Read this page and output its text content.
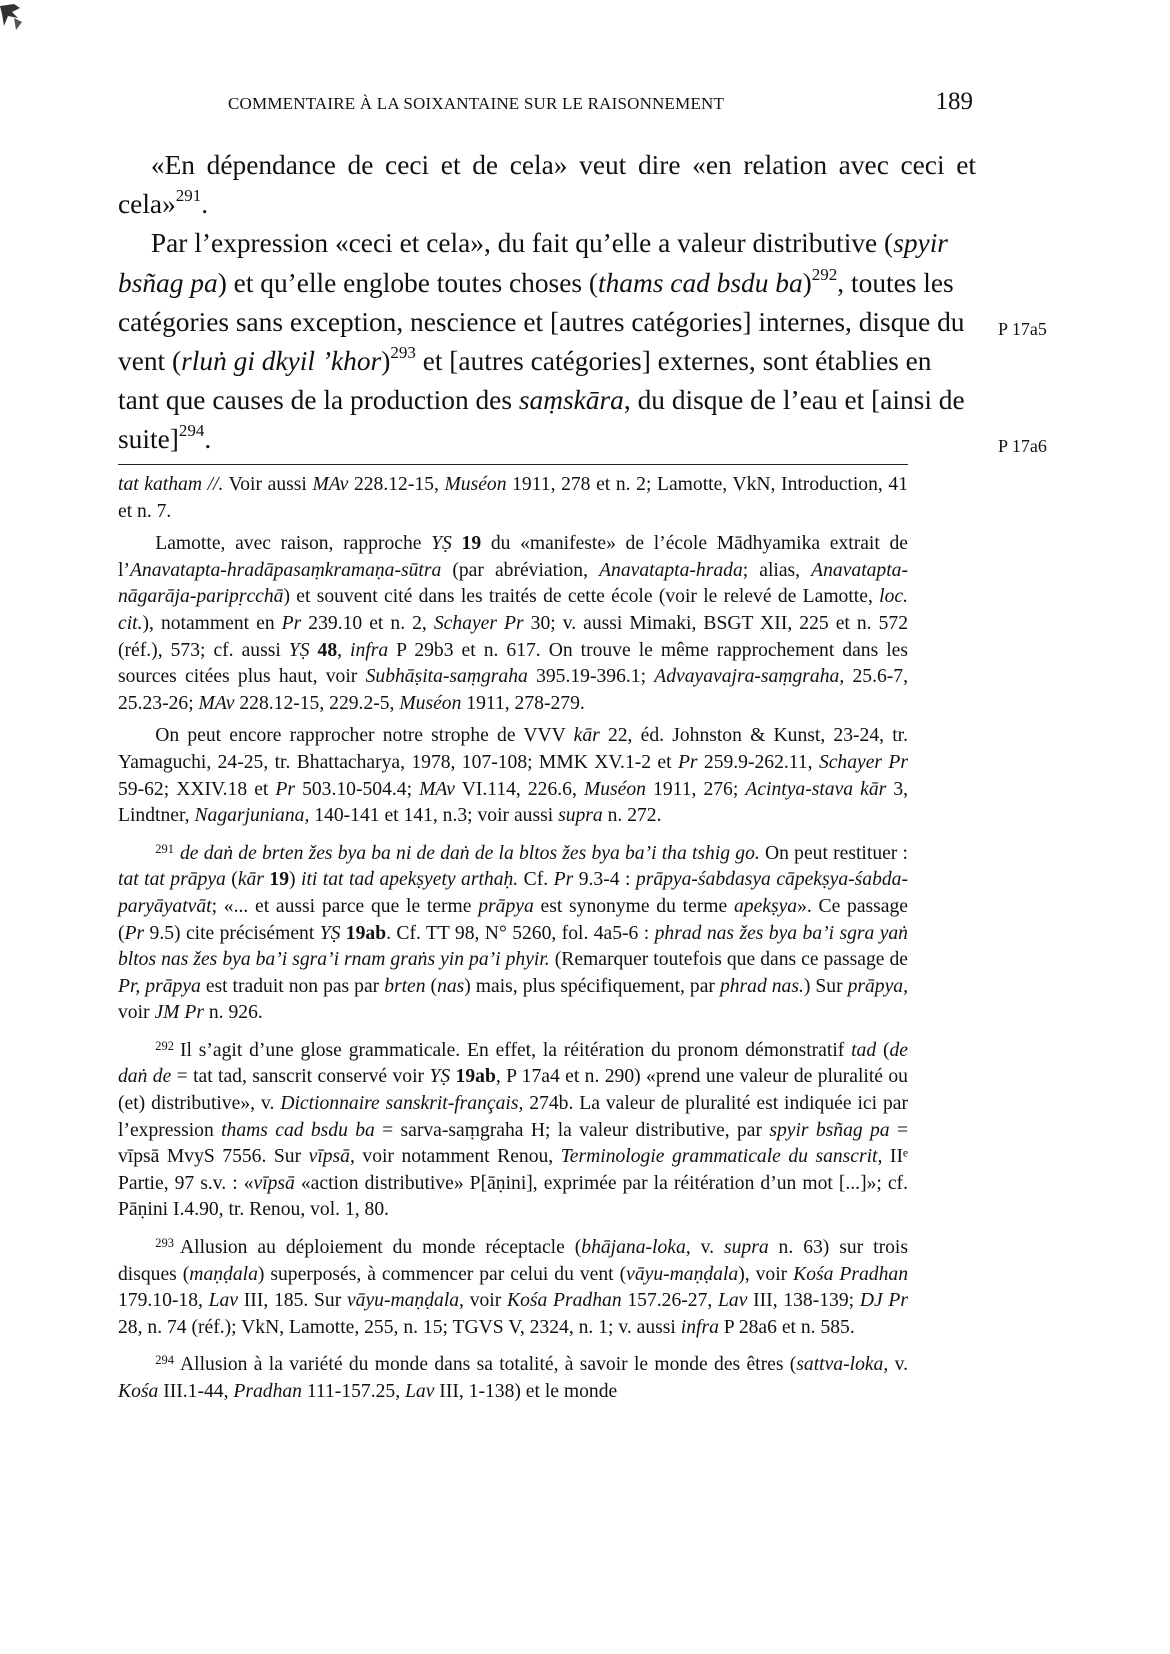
COMMENTAIRE À LA SOIXANTAINE SUR LE RAISONNEMENT	189

«En dépendance de ceci et de cela» veut dire «en relation avec ceci et cela»$^{291}$.

Par l’expression «ceci et cela», du fait qu’elle a valeur distributive (spyir bsñag pa) et qu’elle englobe toutes choses (thams cad bsdu ba)$^{292}$,
P 17a5
toutes les catégories sans exception, nescience et [autres catégories] internes, disque du vent (rluṅ gi dkyil ’khor)$^{293}$ et [autres catégories] externes, sont établies en tant que causes de la production des saṃskāra,
P 17a6
du disque de l’eau et [ainsi de suite]$^{294}$.

tat katham //. Voir aussi MAv 228.12-15, Muséon 1911, 278 et n. 2; Lamotte, VkN, Introduction, 41 et n. 7.

Lamotte, avec raison, rapproche YṢ 19 du «manifeste» de l’école Mādhyamika extrait de l’Anavatapta-hradāpasaṃkramaṇa-sūtra (par abréviation, Anavatapta-hrada; alias, Anavatapta-nāgarāja-paripṛcchā) et souvent cité dans les traités de cette école (voir le relevé de Lamotte, loc. cit.), notamment en Pr 239.10 et n. 2, Schayer Pr 30; v. aussi Mimaki, BSGT XII, 225 et n. 572 (réf.), 573; cf. aussi YṢ 48, infra P 29b3 et n. 617. On trouve le même rapprochement dans les sources citées plus haut, voir Subhāṣita-saṃgraha 395.19-396.1; Advayavajra-saṃgraha, 25.6-7, 25.23-26; MAv 228.12-15, 229.2-5, Muséon 1911, 278-279.

On peut encore rapprocher notre strophe de VVV kār 22, éd. Johnston & Kunst, 23-24, tr. Yamaguchi, 24-25, tr. Bhattacharya, 1978, 107-108; MMK XV.1-2 et Pr 259.9-262.11, Schayer Pr 59-62; XXIV.18 et Pr 503.10-504.4; MAv VI.114, 226.6, Muséon 1911, 276; Acintya-stava kār 3, Lindtner, Nagarjuniana, 140-141 et 141, n.3; voir aussi supra n. 272.

$^{291}$ de daṅ de brten žes bya ba ni de daṅ de la bltos žes bya ba’i tha tshig go. On peut restituer : tat tat prāpya (kār 19) iti tat tad apekṣyety arthaḥ. Cf. Pr 9.3-4 : prāpya-śabdasya cāpekṣya-śabda-paryāyatvāt; «... et aussi parce que le terme prāpya est synonyme du terme apekṣya». Ce passage (Pr 9.5) cite précisément YṢ 19ab. Cf. TT 98, N° 5260, fol. 4a5-6 : phrad nas žes bya ba’i sgra yaṅ bltos nas žes bya ba’i sgra’i rnam graṅs yin pa’i phyir. (Remarquer toutefois que dans ce passage de Pr, prāpya est traduit non pas par brten (nas) mais, plus spécifiquement, par phrad nas.) Sur prāpya, voir JM Pr n. 926.

$^{292}$ Il s’agit d’une glose grammaticale. En effet, la réitération du pronom démonstratif tad (de daṅ de = tat tad, sanscrit conservé voir YṢ 19ab, P 17a4 et n. 290) «prend une valeur de pluralité ou (et) distributive», v. Dictionnaire sanskrit-français, 274b. La valeur de pluralité est indiquée ici par l’expression thams cad bsdu ba = sarva-saṃgraha H; la valeur distributive, par spyir bsñag pa = vīpsā MvyS 7556. Sur vīpsā, voir notamment Renou, Terminologie grammaticale du sanscrit, IIᵉ Partie, 97 s.v. : «vīpsā «action distributive» P[āṇini], exprimée par la réitération d’un mot [...]»; cf. Pāṇini I.4.90, tr. Renou, vol. 1, 80.

$^{293}$ Allusion au déploiement du monde réceptacle (bhājana-loka, v. supra n. 63) sur trois disques (maṇḍala) superposés, à commencer par celui du vent (vāyu-maṇḍala), voir Kośa Pradhan 179.10-18, Lav III, 185. Sur vāyu-maṇḍala, voir Kośa Pradhan 157.26-27, Lav III, 138-139; DJ Pr 28, n. 74 (réf.); VkN, Lamotte, 255, n. 15; TGVS V, 2324, n. 1; v. aussi infra P 28a6 et n. 585.

$^{294}$ Allusion à la variété du monde dans sa totalité, à savoir le monde des êtres (sattva-loka, v. Kośa III.1-44, Pradhan 111-157.25, Lav III, 1-138) et le monde
